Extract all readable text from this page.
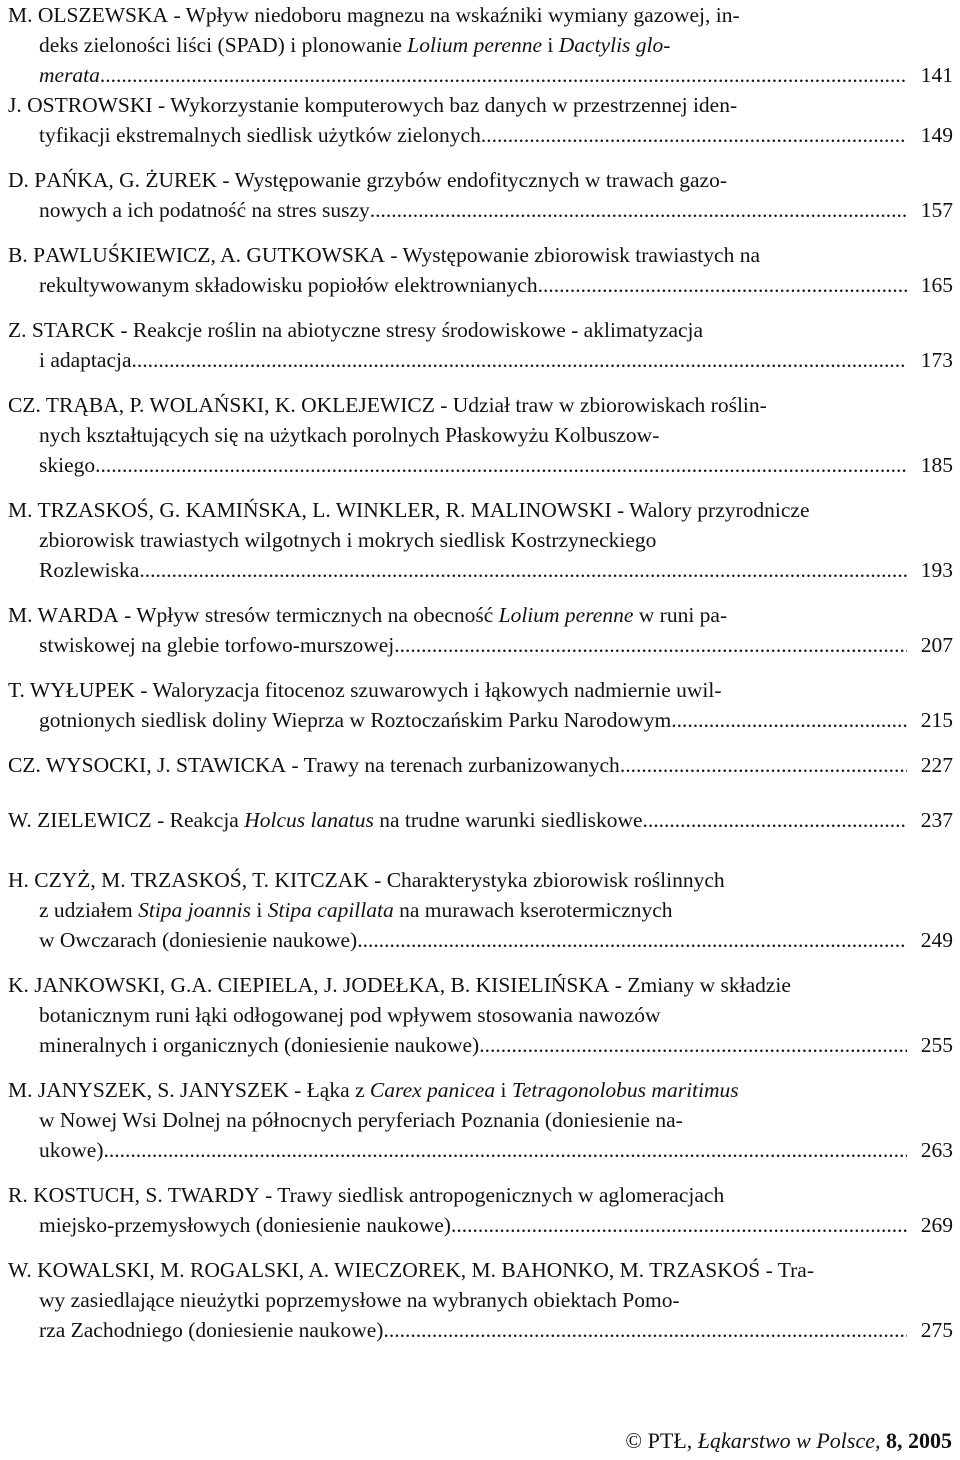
M. OLSZEWSKA - Wpływ niedoboru magnezu na wskaźniki wymiany gazowej, in-
deks zieloności liści (SPAD) i plonowanie Lolium perenne i Dactylis glo-
merata .....	141
J. OSTROWSKI - Wykorzystanie komputerowych baz danych w przestrzennej iden-
tyfikacji ekstremalnych siedlisk użytków zielonych .....	149
D. PAŃKA, G. ŻUREK - Występowanie grzybów endofitycznych w trawach gazo-
nowych a ich podatność na stres suszy .....	157
B. PAWLUŚKIEWICZ, A. GUTKOWSKA - Występowanie zbiorowisk trawiastych na
rekultywowanym składowisku popiołów elektrownianych .....	165
Z. STARCK - Reakcje roślin na abiotyczne stresy środowiskowe - aklimatyzacja
i adaptacja .....	173
CZ. TRĄBA, P. WOLAŃSKI, K. OKLEJEWICZ - Udział traw w zbiorowiskach roślin-
nych kształtujących się na użytkach porolnych Płaskowyżu Kolbuszow-
skiego .....	185
M. TRZASKOŚ, G. KAMIŃSKA, L. WINKLER, R. MALINOWSKI - Walory przyrodnicze
zbiorowisk trawiastych wilgotnych i mokrych siedlisk Kostrzyneckiego
Rozlewiska .....	193
M. WARDA - Wpływ stresów termicznych na obecność Lolium perenne w runi pa-
stwiskowej na glebie torfowo-murszowej .....	207
T. WYŁUPEK - Waloryzacja fitocenoz szuwarowych i łąkowych nadmiernie uwil-
gotnionych siedlisk doliny Wieprza w Roztoczańskim Parku Narodowym .....	215
CZ. WYSOCKI, J. STAWICKA - Trawy na terenach zurbanizowanych .....	227
W. ZIELEWICZ - Reakcja Holcus lanatus na trudne warunki siedliskowe .....	237
H. CZYŻ, M. TRZASKOŚ, T. KITCZAK - Charakterystyka zbiorowisk roślinnych
z udziałem Stipa joannis i Stipa capillata na murawach kserotermicznych
w Owczarach (doniesienie naukowe) .....	249
K. JANKOWSKI, G.A. CIEPIELA, J. JODEŁKA, B. KISIELIŃSKA - Zmiany w składzie
botanicznym runi łąki odłogowanej pod wpływem stosowania nawozów
mineralnych i organicznych (doniesienie naukowe) .....	255
M. JANYSZEK, S. JANYSZEK - Łąka z Carex panicea i Tetragonolobus maritimus
w Nowej Wsi Dolnej na północnych peryferiach Poznania (doniesienie na-
ukowe) .....	263
R. KOSTUCH, S. TWARDY - Trawy siedlisk antropogenicznych w aglomeracjach
miejsko-przemysłowych (doniesienie naukowe) .....	269
W. KOWALSKI, M. ROGALSKI, A. WIECZOREK, M. BAHONKO, M. TRZASKOŚ - Tra-
wy zasiedlające nieużytki poprzemysłowe na wybranych obiektach Pomo-
rza Zachodniego (doniesienie naukowe) .....	275
© PTŁ, Łąkarstwo w Polsce, 8, 2005
